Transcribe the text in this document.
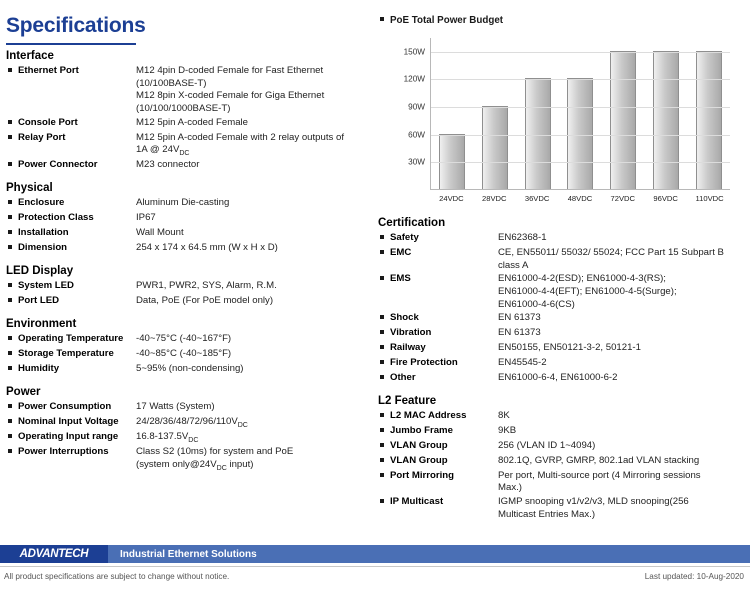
Specifications
Interface
Ethernet Port	M12 4pin D-coded Female for Fast Ethernet
(10/100BASE-T)
M12 8pin X-coded Female for Giga Ethernet
(10/100/1000BASE-T)
Console Port	M12 5pin A-coded Female
Relay Port	M12 5pin A-coded Female with 2 relay outputs of
1A @ $24V_{DC}$
Power Connector	M23 connector
Physical
Enclosure	Aluminum Die-casting
Protection Class	IP67
Installation	Wall Mount
Dimension	254 x 174 x 64.5 mm (W x H x D)
LED Display
System LED	PWR1, PWR2, SYS, Alarm, R.M.
Port LED	Data, PoE (For PoE model only)
Environment
Operating Temperature	-40~75°C (-40~167°F)
Storage Temperature	-40~85°C (-40~185°F)
Humidity	5~95% (non-condensing)
Power
Power Consumption	17 Watts (System)
Nominal Input Voltage	$24/28/36/48/72/96/110V_{DC}$
Operating Input range	$16.8-137.5V_{DC}$
Power Interruptions	Class S2 (10ms) for system and PoE
(system $only@24V_{DC}$ input)
PoE Total Power Budget
30W
60W
90W
120W
150W
24VDC 28VDC 36VDC 48VDC 72VDC 96VDC 110VDC
Certification
Safety	EN62368-1
EMC	CE, EN55011/ 55032/ 55024; FCC Part 15 Subpart B
class A
EMS	EN61000-4-2(ESD); EN61000-4-3(RS);
EN61000-4-4(EFT); EN61000-4-5(Surge);
EN61000-4-6(CS)
Shock	EN 61373
Vibration	EN 61373
Railway	EN50155, EN50121-3-2, 50121-1
Fire Protection	EN45545-2
Other	EN61000-6-4, EN61000-6-2
L2 Feature
L2 MAC Address	8K
Jumbo Frame	9KB
VLAN Group	256 (VLAN ID 1~4094)
VLAN Group	802.1Q, GVRP, GMRP, 802.1ad VLAN stacking
Port Mirroring	Per port, Multi-source port (4 Mirroring sessions
Max.)
IP Multicast	IGMP snooping v1/v2/v3, MLD snooping(256
Multicast Entries Max.)
ADVANTECH	Industrial Ethernet Solutions
All product specifications are subject to change without notice.	Last updated: 10-Aug-2020
